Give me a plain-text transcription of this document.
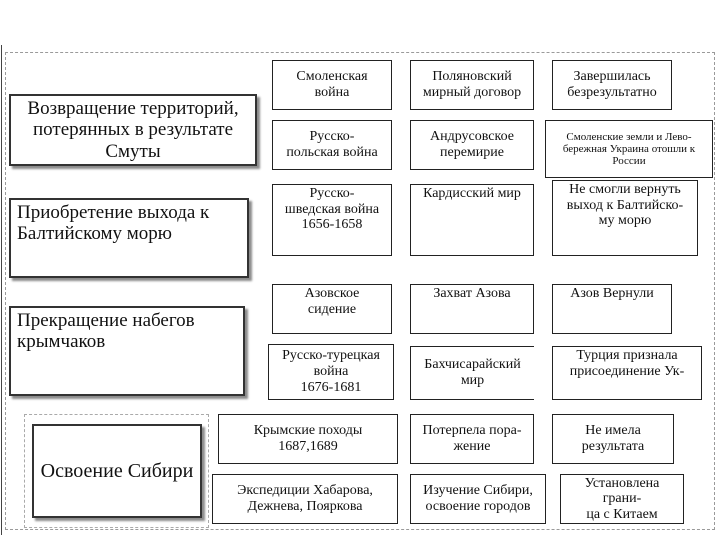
Возвращение территорий, потерянных в результате Смуты
Приобретение выхода к Балтийскому морю
Прекращение набегов крымчаков
Освоение Сибири
Смоленская
война
Поляновский
мирный договор
Завершилась
безрезультатно
Русско-
польская война
Андрусовское
перемирие
Смоленские земли и Лево-
бережная Украина отошли к
России
Русско-
шведская война
1656-1658
Кардисский мир	Не смогли вернуть
выход к Балтийско-
му морю
Азовское
сидение
Захват Азова	Азов Вернули
Русско-турецкая
война
1676-1681
Бахчисарайский
мир
Турция признала
присоединение Ук-
Крымские походы
1687,1689
Потерпела пора-
жение
Не имела
результата
Экспедиции Хабарова,
Дежнева, Пояркова
Изучение Сибири,
освоение городов
Установлена грани-
ца с Китаем
